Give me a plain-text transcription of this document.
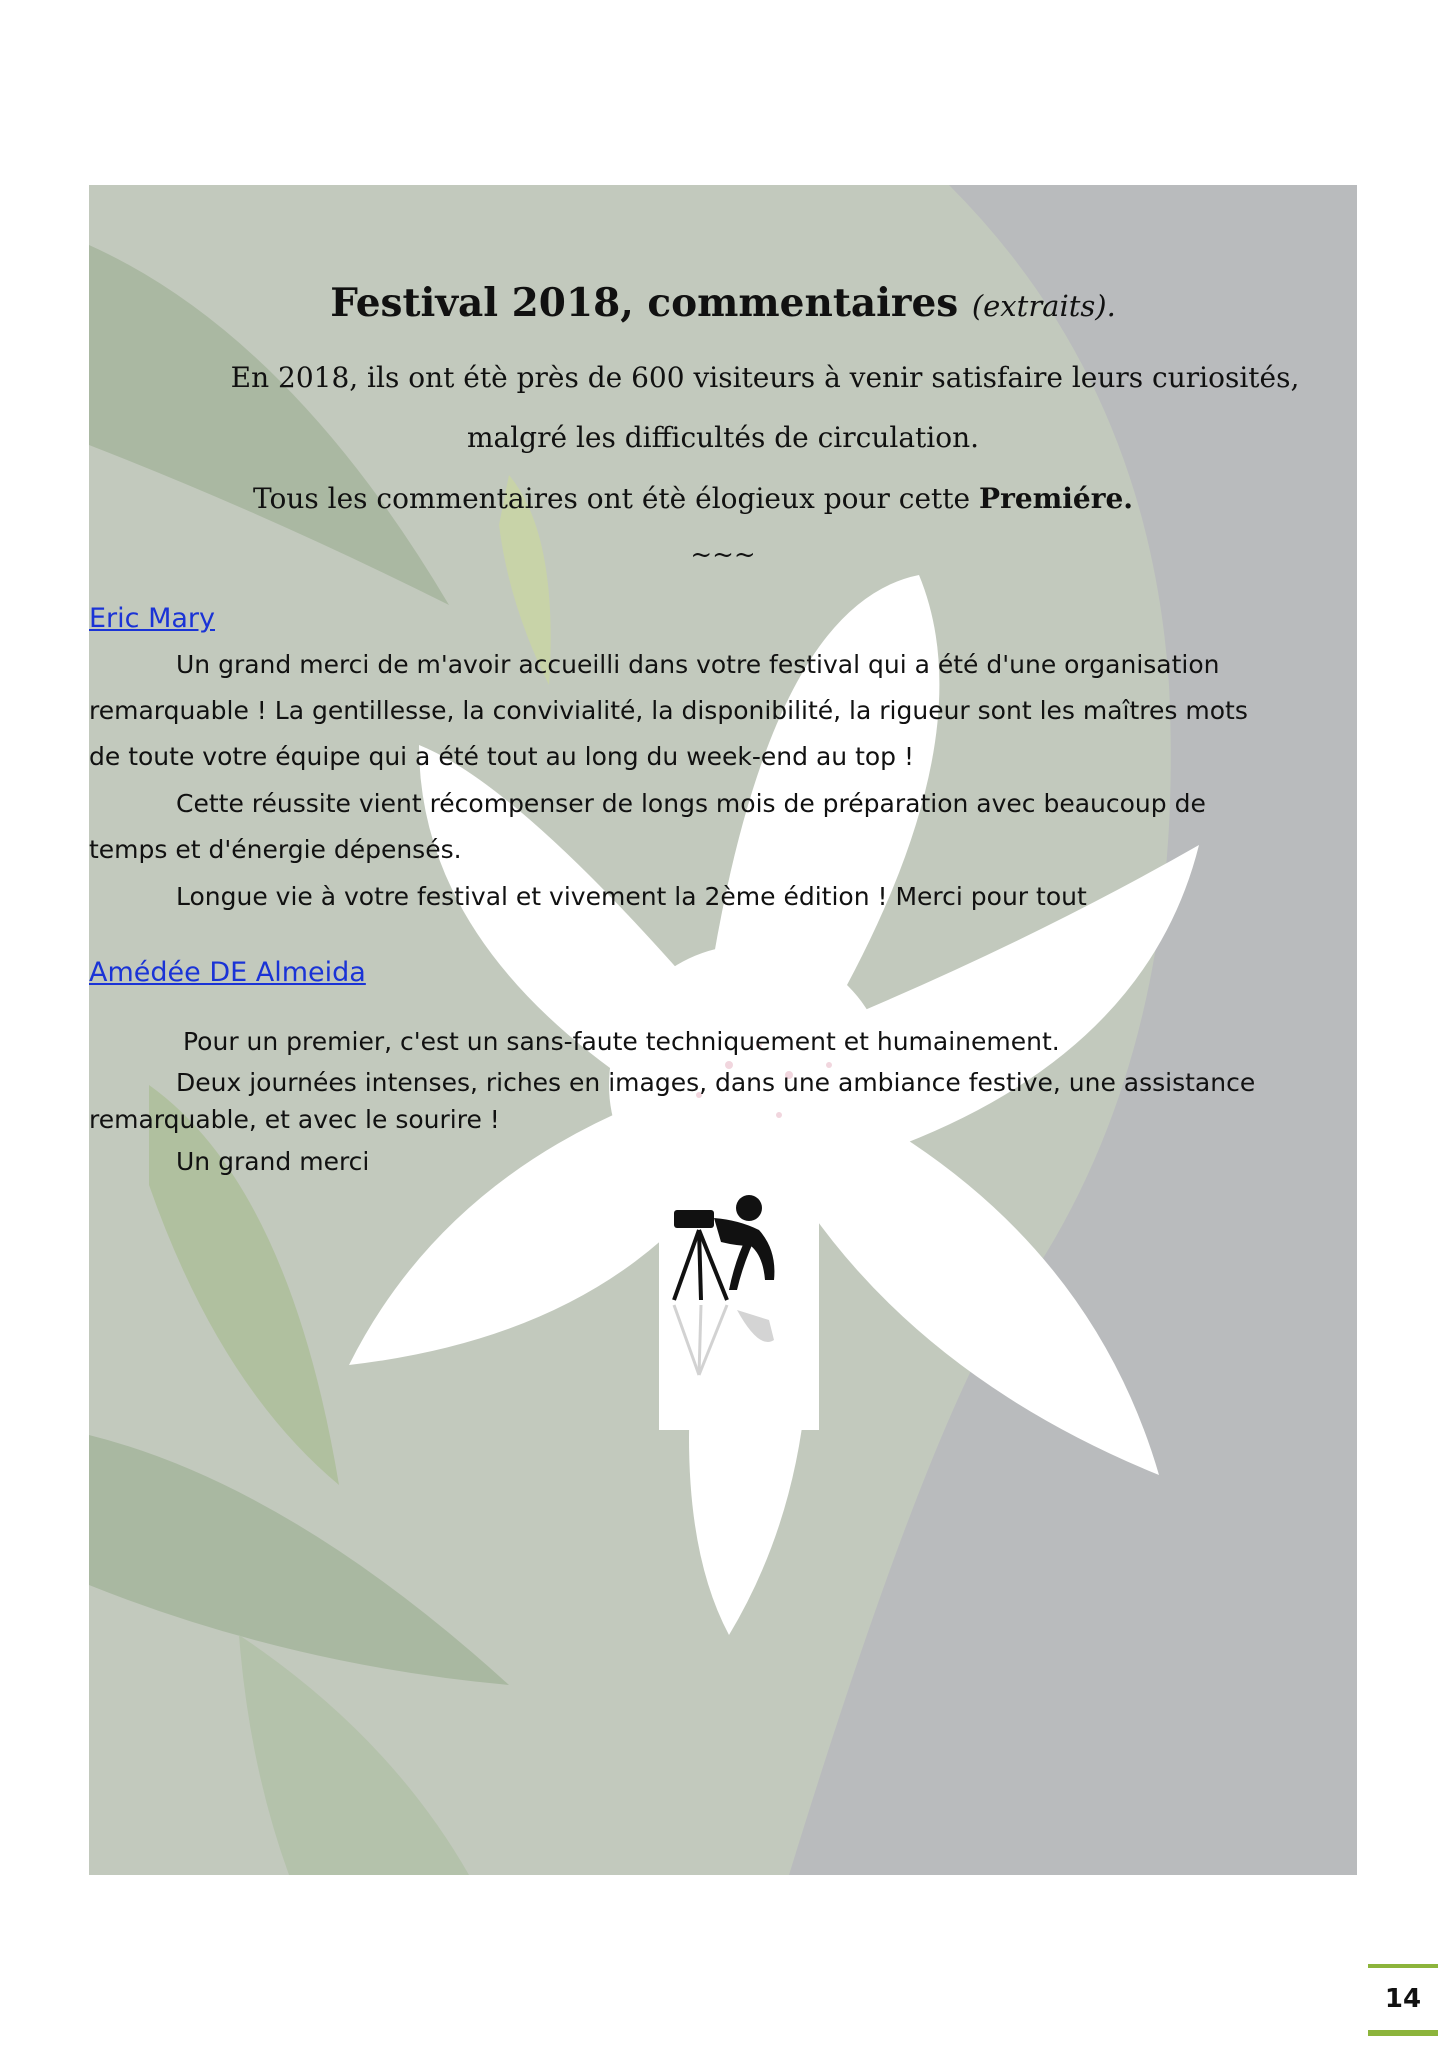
Festival 2018, commentaires (extraits).
En 2018, ils ont étè près de 600 visiteurs à venir satisfaire leurs curiosités,
malgré les difficultés de circulation.
Tous les commentaires ont étè élogieux pour cette Premiére.
~~~
Eric Mary
Un grand merci de m'avoir accueilli dans votre festival qui a été d'une organisation
remarquable ! La gentillesse, la convivialité, la disponibilité, la rigueur sont les maîtres mots
de toute votre équipe qui a été tout au long du week-end au top !
Cette réussite vient récompenser de longs mois de préparation avec beaucoup de
temps et d'énergie dépensés.
Longue vie à votre festival et vivement la 2ème édition ! Merci pour tout
Amédée DE Almeida
Pour un premier, c'est un sans-faute techniquement et humainement.
Deux journées intenses, riches en images, dans une ambiance festive, une assistance
remarquable, et avec le sourire !
Un grand merci
14
